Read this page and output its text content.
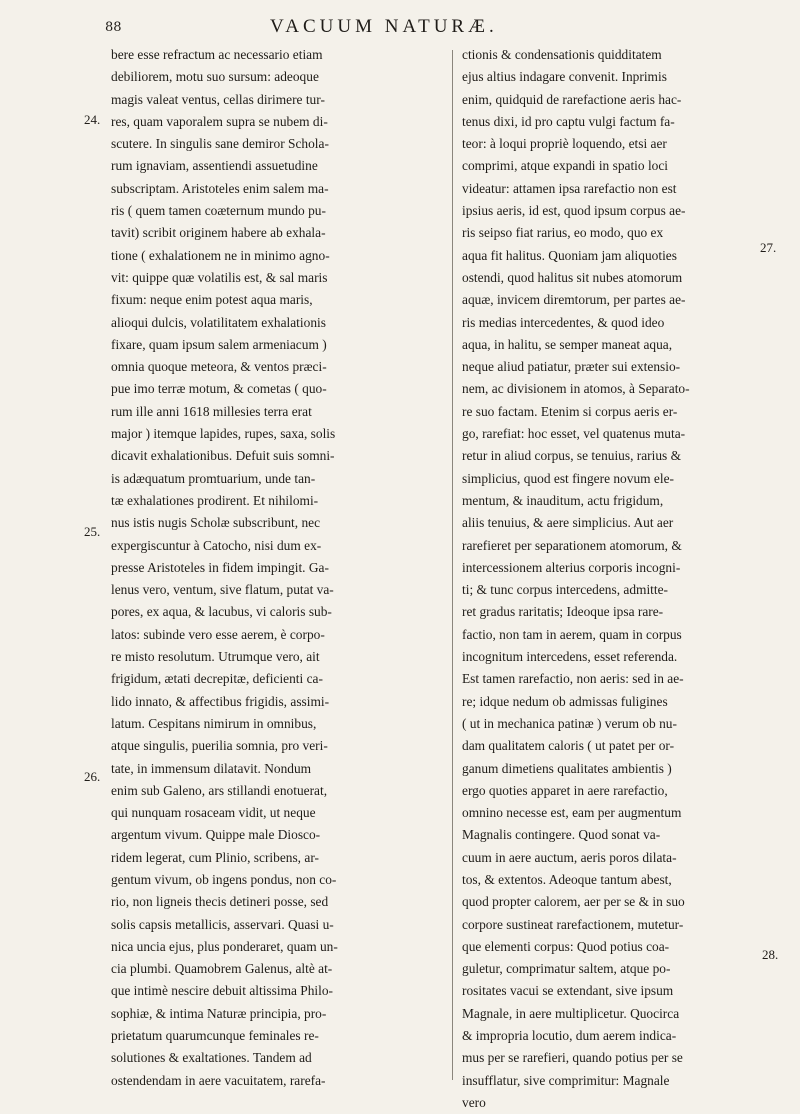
88	VACUUM NATURÆ.
24.
25.
26.
27.
28.
bere esse refractum ac necessario etiam
debiliorem, motu suo sursum: adeoque
magis valeat ventus, cellas dirimere tur-
res, quam vaporalem supra se nubem di-
scutere. In singulis sane demiror Schola-
rum ignaviam, assentiendi assuetudine
subscriptam. Aristoteles enim salem ma-
ris ( quem tamen coæternum mundo pu-
tavit) scribit originem habere ab exhala-
tione ( exhalationem ne in minimo agno-
vit: quippe quæ volatilis est, & sal maris
fixum: neque enim potest aqua maris,
alioqui dulcis, volatilitatem exhalationis
fixare, quam ipsum salem armeniacum )
omnia quoque meteora, & ventos præci-
pue imo terræ motum, & cometas ( quo-
rum ille anni 1618 millesies terra erat
major ) itemque lapides, rupes, saxa, solis
dicavit exhalationibus. Defuit suis somni-
is adæquatum promtuarium, unde tan-
tæ exhalationes prodirent. Et nihilomi-
nus istis nugis Scholæ subscribunt, nec
expergiscuntur à Catocho, nisi dum ex-
presse Aristoteles in fidem impingit. Ga-
lenus vero, ventum, sive flatum, putat va-
pores, ex aqua, & lacubus, vi caloris sub-
latos: subinde vero esse aerem, è corpo-
re misto resolutum. Utrumque vero, ait
frigidum, ætati decrepitæ, deficienti ca-
lido innato, & affectibus frigidis, assimi-
latum. Cespitans nimirum in omnibus,
atque singulis, puerilia somnia, pro veri-
tate, in immensum dilatavit. Nondum
enim sub Galeno, ars stillandi enotuerat,
qui nunquam rosaceam vidit, ut neque
argentum vivum. Quippe male Diosco-
ridem legerat, cum Plinio, scribens, ar-
gentum vivum, ob ingens pondus, non co-
rio, non ligneis thecis detineri posse, sed
solis capsis metallicis, asservari. Quasi u-
nica uncia ejus, plus ponderaret, quam un-
cia plumbi. Quamobrem Galenus, altè at-
que intimè nescire debuit altissima Philo-
sophiæ, & intima Naturæ principia, pro-
prietatum quarumcunque feminales re-
solutiones & exaltationes. Tandem ad
ostendendam in aere vacuitatem, rarefa-
ctionis & condensationis quidditatem
ejus altius indagare convenit. Inprimis
enim, quidquid de rarefactione aeris hac-
tenus dixi, id pro captu vulgi factum fa-
teor: à loqui propriè loquendo, etsi aer
comprimi, atque expandi in spatio loci
videatur: attamen ipsa rarefactio non est
ipsius aeris, id est, quod ipsum corpus ae-
ris seipso fiat rarius, eo modo, quo ex
aqua fit halitus. Quoniam jam aliquoties
ostendi, quod halitus sit nubes atomorum
aquæ, invicem diremtorum, per partes ae-
ris medias intercedentes, & quod ideo
aqua, in halitu, se semper maneat aqua,
neque aliud patiatur, præter sui extensio-
nem, ac divisionem in atomos, à Separato-
re suo factam. Etenim si corpus aeris er-
go, rarefiat: hoc esset, vel quatenus muta-
retur in aliud corpus, se tenuius, rarius &
simplicius, quod est fingere novum ele-
mentum, & inauditum, actu frigidum,
aliis tenuius, & aere simplicius. Aut aer
rarefieret per separationem atomorum, &
intercessionem alterius corporis incogni-
ti; & tunc corpus intercedens, admitte-
ret gradus raritatis; Ideoque ipsa rare-
factio, non tam in aerem, quam in corpus
incognitum intercedens, esset referenda.
Est tamen rarefactio, non aeris: sed in ae-
re; idque nedum ob admissas fuligines
( ut in mechanica patinæ ) verum ob nu-
dam qualitatem caloris ( ut patet per or-
ganum dimetiens qualitates ambientis )
ergo quoties apparet in aere rarefactio,
omnino necesse est, eam per augmentum
Magnalis contingere. Quod sonat va-
cuum in aere auctum, aeris poros dilata-
tos, & extentos. Adeoque tantum abest,
quod propter calorem, aer per se & in suo
corpore sustineat rarefactionem, mutetur-
que elementi corpus: Quod potius coa-
guletur, comprimatur saltem, atque po-
rositates vacui se extendant, sive ipsum
Magnale, in aere multiplicetur. Quocirca
& impropria locutio, dum aerem indica-
mus per se rarefieri, quando potius per se
insufflatur, sive comprimitur: Magnale
vero
